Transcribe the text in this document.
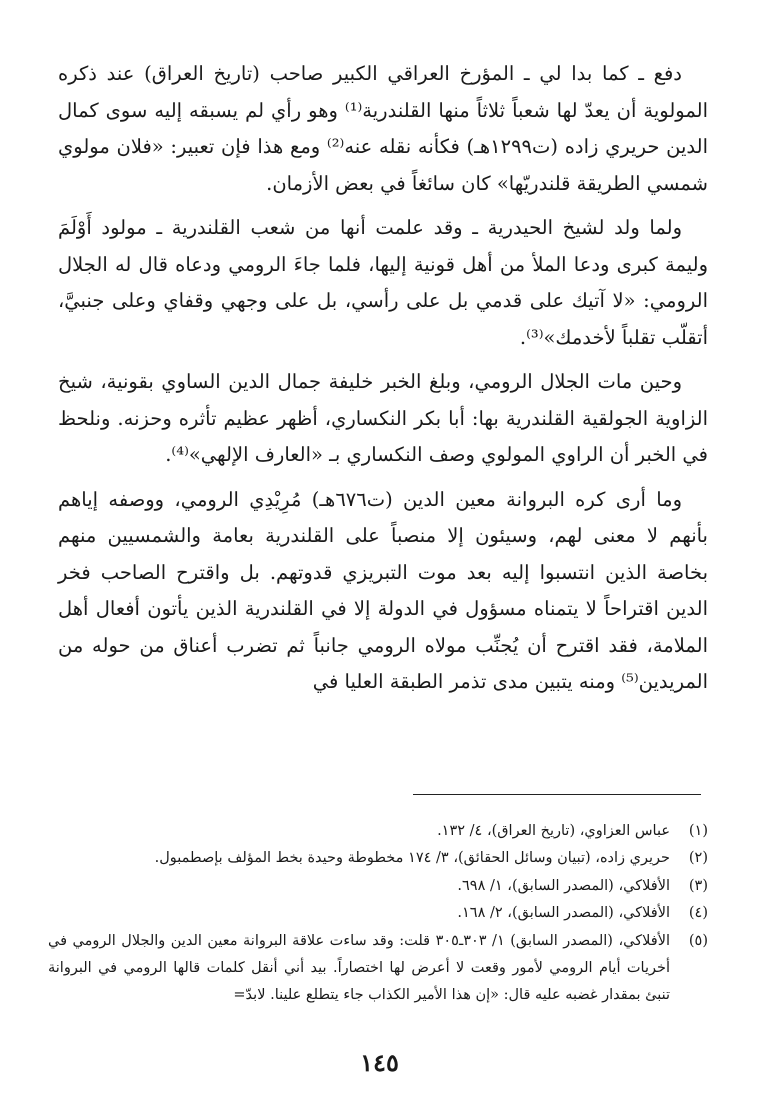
دفع ـ كما بدا لي ـ المؤرخ العراقي الكبير صاحب (تاريخ العراق) عند ذكره المولوية أن يعدّ لها شعباً ثلاثاً منها القلندرية⁽¹⁾ وهو رأي لم يسبقه إليه سوى كمال الدين حريري زاده (ت١٢٩٩هـ) فكأنه نقله عنه⁽²⁾ ومع هذا فإن تعبير: «فلان مولوي شمسي الطريقة قلندريّها» كان سائغاً في بعض الأزمان.

ولما ولد لشيخ الحيدرية ـ وقد علمت أنها من شعب القلندرية ـ مولود أَوْلَمَ وليمة كبرى ودعا الملأ من أهل قونية إليها، فلما جاءَ الرومي ودعاه قال له الجلال الرومي: «لا آتيك على قدمي بل على رأسي، بل على وجهي وقفاي وعلى جنبيَّ، أتقلّب تقلباً لأخدمك»⁽³⁾.

وحين مات الجلال الرومي، وبلغ الخبر خليفة جمال الدين الساوي بقونية، شيخ الزاوية الجولقية القلندرية بها: أبا بكر النكساري، أظهر عظيم تأثره وحزنه. ونلحظ في الخبر أن الراوي المولوي وصف النكساري بـ «العارف الإلهي»⁽⁴⁾.

وما أرى كره البروانة معين الدين (ت٦٧٦هـ) مُرِيْدِي الرومي، ووصفه إياهم بأنهم لا معنى لهم، وسيئون إلا منصباً على القلندرية بعامة والشمسيين منهم بخاصة الذين انتسبوا إليه بعد موت التبريزي قدوتهم. بل واقترح الصاحب فخر الدين اقتراحاً لا يتمناه مسؤول في الدولة إلا في القلندرية الذين يأتون أفعال أهل الملامة، فقد اقترح أن يُجنِّب مولاه الرومي جانباً ثم تضرب أعناق من حوله من المريدين⁽⁵⁾ ومنه يتبين مدى تذمر الطبقة العليا في

(١)
عباس العزاوي، (تاريخ العراق)، ٤/ ١٣٢.
(٢)
حريري زاده، (تبيان وسائل الحقائق)، ٣/ ١٧٤ مخطوطة وحيدة بخط المؤلف بإصطمبول.
(٣)
الأفلاكي، (المصدر السابق)، ١/ ٦٩٨.
(٤)
الأفلاكي، (المصدر السابق)، ٢/ ١٦٨.
(٥)
الأفلاكي، (المصدر السابق) ١/ ٣٠٣ـ٣٠٥ قلت: وقد ساءت علاقة البروانة معين الدين والجلال الرومي في أخريات أيام الرومي لأمور وقعت لا أعرض لها اختصاراً. بيد أني أنقل كلمات قالها الرومي في البروانة تنبئ بمقدار غضبه عليه قال: «إن هذا الأمير الكذاب جاء يتطلع علينا. لابدّ=
١٤٥
